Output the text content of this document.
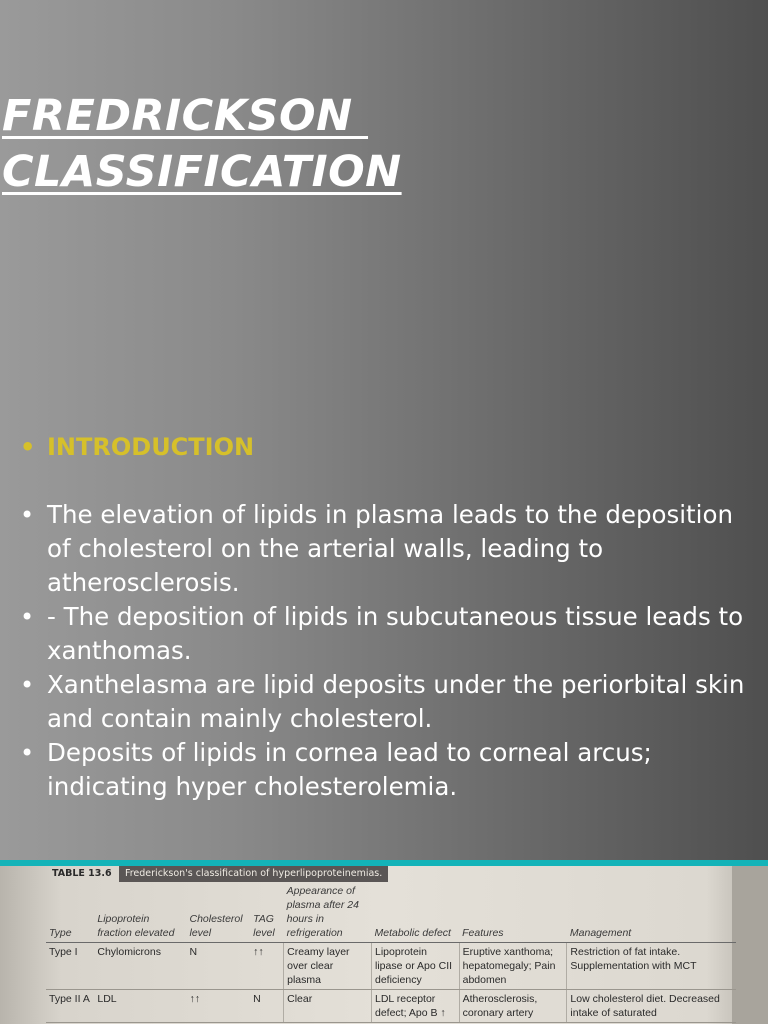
FREDRICKSON
CLASSIFICATION
• INTRODUCTION
• The elevation of lipids in plasma leads to the deposition of cholesterol on the arterial walls, leading to atherosclerosis.
• - The deposition of lipids in subcutaneous tissue leads to xanthomas.
• Xanthelasma are lipid deposits under the periorbital skin and contain mainly cholesterol.
• Deposits of lipids in cornea lead to corneal arcus; indicating hyper cholesterolemia.
TABLE 13.6 Frederickson's classification of hyperlipoproteinemias.
Type	Lipoprotein fraction elevated	Cholesterol level	TAG level	Appearance of plasma after 24 hours in refrigeration	Metabolic defect	Features	Management
Type I	Chylomicrons	N	↑↑	Creamy layer over clear plasma	Lipoprotein lipase or Apo CII deficiency	Eruptive xanthoma; hepatomegaly; Pain abdomen	Restriction of fat intake. Supplementation with MCT
Type II A	LDL	↑↑	N	Clear	LDL receptor defect; Apo B ↑	Atherosclerosis, coronary artery	Low cholesterol diet. Decreased intake of saturated
